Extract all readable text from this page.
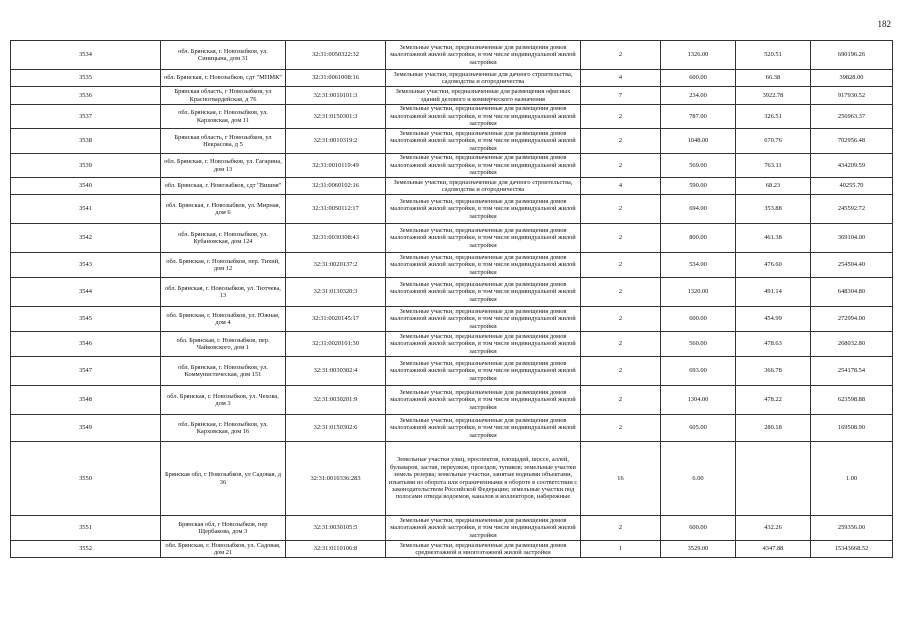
182
3534	обл. Брянская, г. Новозыбков, ул. Синицына, дом 31	32:31:0050322:32	Земельные участки, предназначенные для размещения домов малоэтажной жилой застройки, в том числе индивидуальной жилой застройки	2	1326.00	520.51	690196.26
3535	обл. Брянская, г. Новозыбков, сдт "МПМК"	32:31:0061008:16	Земельные участки, предназначенные для дачного строительства, садоводства и огородничества	4	600.00	66.38	39828.00
3536	Брянская область, г Новозыбков, ул Красногвардейская, д 76	32:31:0010101:3	Земельные участки, предназначенные для размещения офисных зданий делового и коммерческого назначения	7	234.00	3922.78	917930.52
3537	обл. Брянская, г. Новозыбков, ул. Карховская, дом 11	32:31:0150301:3	Земельные участки, предназначенные для размещения домов малоэтажной жилой застройки, в том числе индивидуальной жилой застройки	2	787.00	326.51	256963.37
3538	Брянская область, г Новозыбков, ул Некрасова, д 5	32:31:0010319:2	Земельные участки, предназначенные для размещения домов малоэтажной жилой застройки, в том числе индивидуальной жилой застройки	2	1048.00	670.76	702956.48
3539	обл. Брянская, г. Новозыбков, ул. Гагарина, дом 13	32:31:0010119:49	Земельные участки, предназначенные для размещения домов малоэтажной жилой застройки, в том числе индивидуальной жилой застройки	2	569.00	763.11	434209.59
3540	обл. Брянская, г. Новозыбков, сдт "Вишня"	32:31:0060102:16	Земельные участки, предназначенные для дачного строительства, садоводства и огородничества	4	590.00	68.23	40255.70
3541	обл. Брянская, г. Новозыбков, ул. Мирная, дом 6	32:31:0050112:17	Земельные участки, предназначенные для размещения домов малоэтажной жилой застройки, в том числе индивидуальной жилой застройки	2	694.00	353.88	245592.72
3542	обл. Брянская, г. Новозыбков, ул. Кубановская, дом 124	32:31:0030308:43	Земельные участки, предназначенные для размещения домов малоэтажной жилой застройки, в том числе индивидуальной жилой застройки	2	800.00	461.38	369104.00
3543	обл. Брянская, г. Новозыбков, пер. Тихий, дом 12	32:31:0020137:2	Земельные участки, предназначенные для размещения домов малоэтажной жилой застройки, в том числе индивидуальной жилой застройки	2	534.00	476.60	254504.40
3544	обл. Брянская, г. Новозыбков, ул. Тютчева, 13	32:31:0130320:3	Земельные участки, предназначенные для размещения домов малоэтажной жилой застройки, в том числе индивидуальной жилой застройки	2	1320.00	491.14	648304.80
3545	обл. Брянская, г. Новозыбков, ул. Южная, дом 4	32:31:0020145:17	Земельные участки, предназначенные для размещения домов малоэтажной жилой застройки, в том числе индивидуальной жилой застройки	2	600.00	454.99	272994.00
3546	обл. Брянская, г. Новозыбков, пер. Чайковского, дом 1	32:31:0020101:30	Земельные участки, предназначенные для размещения домов малоэтажной жилой застройки, в том числе индивидуальной жилой застройки	2	560.00	478.63	268032.80
3547	обл. Брянская, г. Новозыбков, ул. Коммунистическая, дом 151	32:31:0030302:4	Земельные участки, предназначенные для размещения домов малоэтажной жилой застройки, в том числе индивидуальной жилой застройки	2	693.00	366.78	254178.54
3548	обл. Брянская, г. Новозыбков, ул. Чехова, дом 3	32:31:0030201:9	Земельные участки, предназначенные для размещения домов малоэтажной жилой застройки, в том числе индивидуальной жилой застройки	2	1304.00	478.22	623598.88
3549	обл. Брянская, г. Новозыбков, ул. Карховская, дом 16	32:31:0150302:6	Земельные участки, предназначенные для размещения домов малоэтажной жилой застройки, в том числе индивидуальной жилой застройки	2	605.00	280.18	169508.90
3550	Брянская обл, г Новозыбков, ул Садовая, д 36	32:31:0010336:283	Земельные участки улиц, проспектов, площадей, шоссе, аллей, бульваров, застав, переулков, проездов, тупиков; земельные участки земель резерва; земельные участки, занятые водными объектами, изъятыми из оборота или ограниченными в обороте в соответствии с законодательством Российской Федерации; земельные участки под полосами отвода водоемов, каналов и коллекторов, набережные	16	6.00		1.00
3551	Брянская обл, г Новозыбков, пер Щербакова, дом 3	32:31:0030105:5	Земельные участки, предназначенные для размещения домов малоэтажной жилой застройки, в том числе индивидуальной жилой застройки	2	600.00	432.26	259356.00
3552	обл. Брянская, г. Новозыбков, ул. Садовая, дом 21	32:31:0110106:8	Земельные участки, предназначенные для размещения домов среднеэтажной и многоэтажной жилой застройки	1	3529.00	4347.88	15343668.52
